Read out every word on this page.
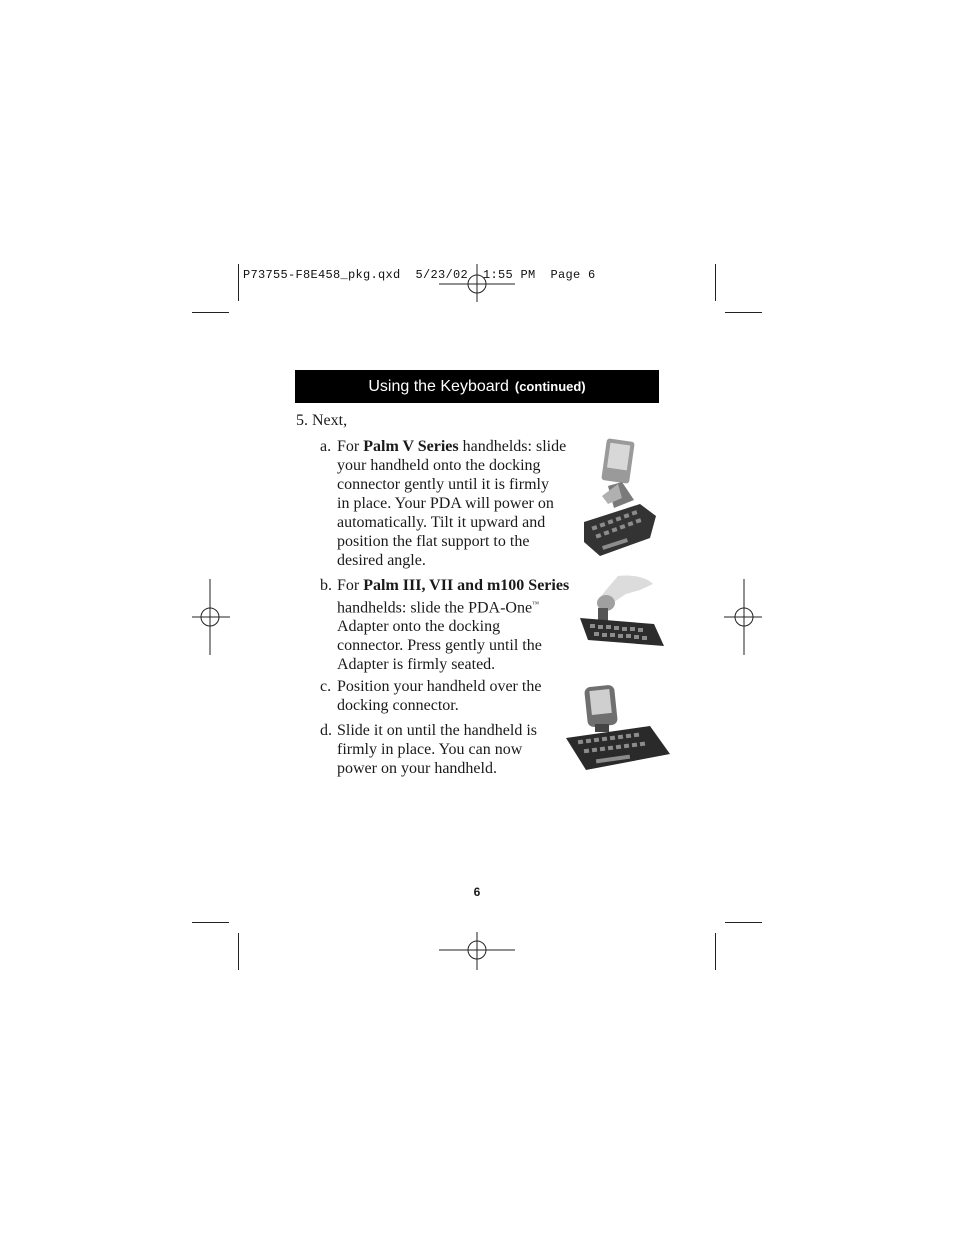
P73755-F8E458_pkg.qxd  5/23/02  1:55 PM  Page 6
Using the Keyboard (continued)
5. Next,
a. For Palm V Series handhelds: slide
your handheld onto the docking
connector gently until it is firmly
in place. Your PDA will power on
automatically. Tilt it upward and
position the flat support to the
desired angle.
b. For Palm III, VII and m100 Series
handhelds: slide the PDA-One™
Adapter onto the docking
connector. Press gently until the
Adapter is firmly seated.
c. Position your handheld over the
docking connector.
d. Slide it on until the handheld is
firmly in place. You can now
power on your handheld.
6
